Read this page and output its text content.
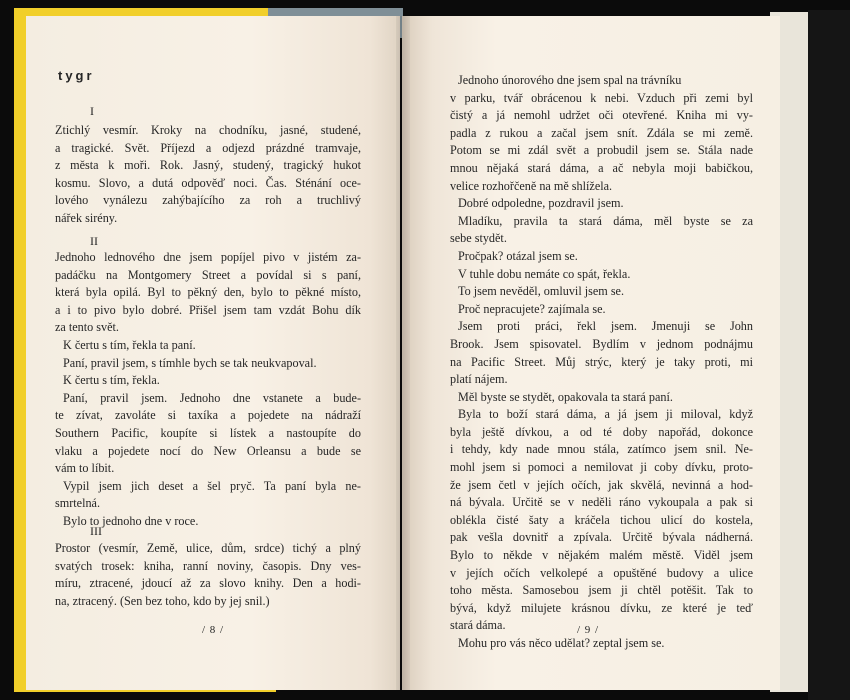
tygr
I
Ztichlý vesmír. Kroky na chodníku, jasné, studené,
a tragické. Svět. Příjezd a odjezd prázdné tramvaje,
z města k moři. Rok. Jasný, studený, tragický hukot
kosmu. Slovo, a dutá odpověď noci. Čas. Sténání oce-
lového vynálezu zahýbajícího za roh a truchlivý
nářek sirény.
II
Jednoho lednového dne jsem popíjel pivo v jistém za-
padáčku na Montgomery Street a povídal si s paní,
která byla opilá. Byl to pěkný den, bylo to pěkné místo,
a i to pivo bylo dobré. Přišel jsem tam vzdát Bohu dík
za tento svět.
K čertu s tím, řekla ta paní.
Paní, pravil jsem, s tímhle bych se tak neukvapoval.
K čertu s tím, řekla.
Paní, pravil jsem. Jednoho dne vstanete a bude-
te zívat, zavoláte si taxíka a pojedete na nádraží
Southern Pacific, koupíte si lístek a nastoupíte do
vlaku a pojedete nocí do New Orleansu a bude se
vám to líbit.
Vypil jsem jich deset a šel pryč. Ta paní byla ne-
smrtelná.
Bylo to jednoho dne v roce.
III
Prostor (vesmír, Země, ulice, dům, srdce) tichý a plný
svatých trosek: kniha, ranní noviny, časopis. Dny ves-
míru, ztracené, jdoucí až za slovo knihy. Den a hodi-
na, ztracený. (Sen bez toho, kdo by jej snil.)
/ 8 /
Jednoho únorového dne jsem spal na trávníku
v parku, tvář obrácenou k nebi. Vzduch při zemi byl
čistý a já nemohl udržet oči otevřené. Kniha mi vy-
padla z rukou a začal jsem snít. Zdála se mi země.
Potom se mi zdál svět a probudil jsem se. Stála nade
mnou nějaká stará dáma, a ač nebyla moji babičkou,
velice rozhořčeně na mě shlížela.
Dobré odpoledne, pozdravil jsem.
Mladíku, pravila ta stará dáma, měl byste se za
sebe stydět.
Pročpak? otázal jsem se.
V tuhle dobu nemáte co spát, řekla.
To jsem nevěděl, omluvil jsem se.
Proč nepracujete? zajímala se.
Jsem proti práci, řekl jsem. Jmenuji se John
Brook. Jsem spisovatel. Bydlím v jednom podnájmu
na Pacific Street. Můj strýc, který je taky proti, mi
platí nájem.
Měl byste se stydět, opakovala ta stará paní.
Byla to boží stará dáma, a já jsem ji miloval, když
byla ještě dívkou, a od té doby napořád, dokonce
i tehdy, kdy nade mnou stála, zatímco jsem snil. Ne-
mohl jsem si pomoci a nemilovat ji coby dívku, proto-
že jsem četl v jejích očích, jak skvělá, nevinná a hod-
ná bývala. Určitě se v neděli ráno vykoupala a pak si
oblékla čisté šaty a kráčela tichou ulicí do kostela,
pak vešla dovnitř a zpívala. Určitě bývala nádherná.
Bylo to někde v nějakém malém městě. Viděl jsem
v jejích očích velkolepé a opuštěné budovy a ulice
toho města. Samosebou jsem ji chtěl potěšit. Tak to
bývá, když milujete krásnou dívku, ze které je teď
stará dáma.
Mohu pro vás něco udělat? zeptal jsem se.
/ 9 /
